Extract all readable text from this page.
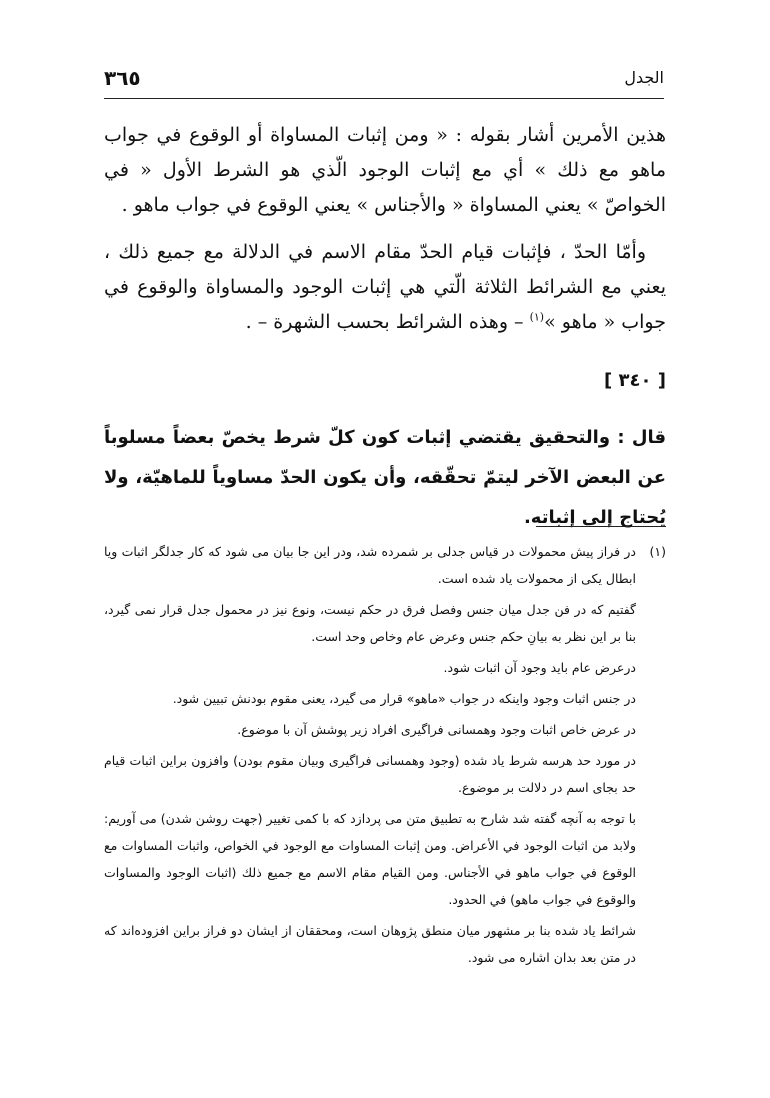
٣٦٥	الجدل
هذين الأمرين أشار بقوله : « ومن إثبات المساواة أو الوقوع في جواب ماهو مع ذلك » أي مع إثبات الوجود الّذي هو الشرط الأول « في الخواصّ » يعني المساواة « والأجناس » يعني الوقوع في جواب ماهو .
وأمّا الحدّ ، فإثبات قيام الحدّ مقام الاسم في الدلالة مع جميع ذلك ، يعني مع الشرائط الثلاثة الّتي هي إثبات الوجود والمساواة والوقوع في جواب « ماهو »$^{(١)}$ – وهذه الشرائط بحسب الشهرة – .
[ ٣٤٠ ]
قال : والتحقيق يقتضي إثبات كون كلّ شرط يخصّ بعضاً مسلوباً عن البعض الآخر ليتمّ تحقّقه، وأن يكون الحدّ مساوياً للماهيّة، ولا يُحتاج إلى إثباته.
(١)
در فراز پیش محمولات در قیاس جدلی بر شمرده شد، ودر این جا بیان می شود که کار جدلگر اثبات ویا ابطال یکی از محمولات یاد شده است.
گفتیم که در فن جدل میان جنس وفصل فرق در حکم نیست، ونوع نیز در محمول جدل قرار نمی گیرد، بنا بر این نظر به بیانِ حکم جنس وعرض عام وخاص وحد است.
درعرض عام باید وجود آن اثبات شود.
در جنس اثبات وجود واینکه در جواب «ماهو» قرار می گیرد، یعنی مقوم بودنش تبیین شود.
در عرض خاص اثبات وجود وهمسانی فراگیری افراد زیر پوشش آن با موضوع.
در مورد حد هرسه شرط یاد شده (وجود وهمسانی فراگیری وبیان مقوم بودن) وافزون براین اثبات قیام حد بجای اسم در دلالت بر موضوع.
با توجه به آنچه گفته شد شارح به تطبیق متن می پردازد که با کمی تغییر (جهت روشن شدن) می آوریم: ولابد من اثبات الوجود في الأعراض. ومن إثبات المساوات مع الوجود في الخواص، واثبات المساوات مع الوقوع في جواب ماهو في الأجناس. ومن القيام مقام الاسم مع جميع ذلك (اثبات الوجود والمساوات والوقوع في جواب ماهو) في الحدود.
شرائط یاد شده بنا بر مشهور میان منطق پژوهان است، ومحققان از ایشان دو فراز براین افزوده‌اند که در متن بعد بدان اشاره می شود.
